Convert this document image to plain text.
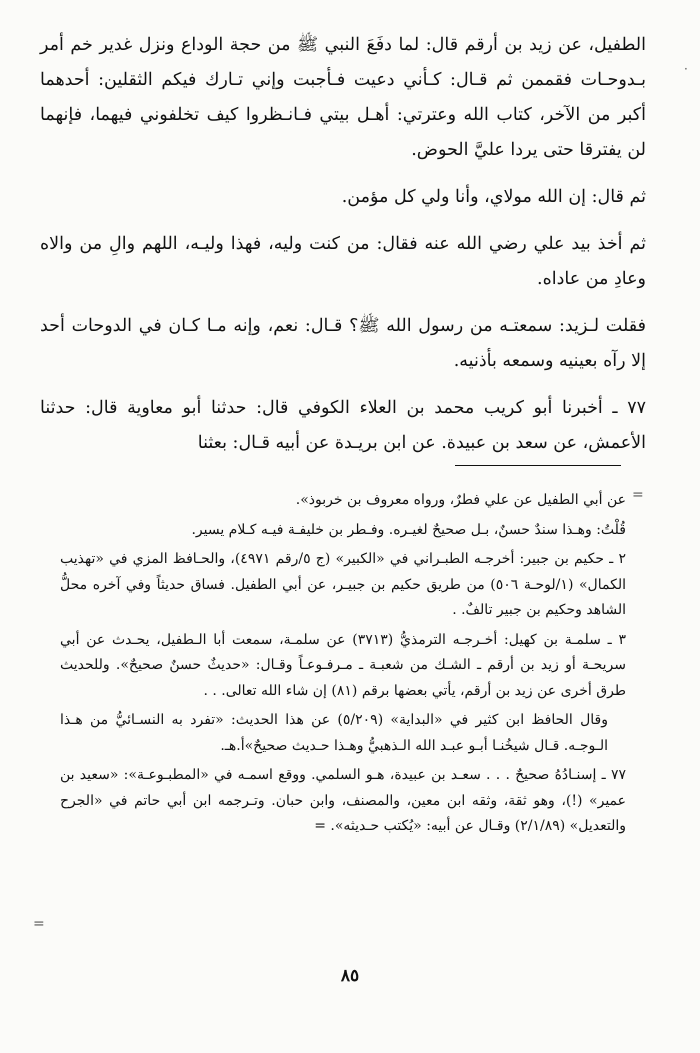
الطفيل، عن زيد بن أرقم قال: لما دفَعَ النبي ﷺ من حجة الوداع ونزل غدير خم أمر بـدوحـات فقممن ثم قـال: كـأني دعيت فـأجبت وإني تـارك فيكم الثقلين: أحدهما أكبر من الآخر، كتاب الله وعترتي: أهـل بيتي فـانـظروا كيف تخلفوني فيهما، فإنهما لن يفترقا حتى يردا عليَّ الحوض.

ثم قال: إن الله مولاي، وأنا ولي كل مؤمن.

ثم أخذ بيد علي رضي الله عنه فقال: من كنت وليه، فهذا وليـه، اللهم والِ من والاه وعادِ من عاداه.

فقلت لـزيد: سمعتـه من رسول الله ﷺ؟ قـال: نعم، وإنه مـا كـان في الدوحات أحد إلا رآه بعينيه وسمعه بأذنيه.

٧٧ ـ أخبرنا أبو كريب محمد بن العلاء الكوفي قال: حدثنا أبو معاوية قال: حدثنا الأعمش، عن سعد بن عبيدة. عن ابن بريـدة عن أبيه قـال: بعثنا

عن أبي الطفيل عن علي فطرٌ، ورواه معروف بن خربوذ».

قُلْتُ: وهـذا سندٌ حسنٌ، بـل صحيحٌ لغيـره. وفـطر بن خليفـة فيـه كـلام يسير.

٢ ـ حكيم بن جبير: أخرجـه الطبـراني في «الكبير» (ج ٥/رقم ٤٩٧١)، والحـافظ المزي في «تهذيب الكمال» (١/لوحـة ٥٠٦) من طريق حكيم بن جبيـر، عن أبي الطفيل. فساق حديثاً وفي آخره محلُّ الشاهد وحكيم بن جبير تالفٌ. .

٣ ـ سلمـة بن كهيل: أخـرجـه الترمذيُّ (٣٧١٣) عن سلمـة، سمعت أبا الـطفيل، يحـدث عن أبي سريحـة أو زيد بن أرقم ـ الشـك من شعبـة ـ مـرفـوعـاً وقـال: «حديثٌ حسنٌ صحيحٌ». وللحديث طرق أخرى عن زيد بن أرقم، يأتي بعضها برقم (٨١) إن شاء الله تعالى. . .

وقال الحافظ ابن كثير في «البداية» (٥/٢٠٩) عن هذا الحديث: «تفرد به النسـائيُّ من هـذا الـوجـه. قـال شيخُنـا أبـو عبـد الله الـذهبيُّ وهـذا حـديث صحيحٌ»أ.هـ.

٧٧ ـ إسنـادُهُ صحيحٌ . . . سعـد بن عبيدة، هـو السلمي. ووقع اسمـه في «المطبـوعـة»: «سعيد بن عمير» (!)، وهو ثقة، وثقه ابن معين، والمصنف، وابن حبان. وتـرجمه ابن أبي حاتم في «الجرح والتعديل» (٢/١/٨٩) وقـال عن أبيه: «يُكتب حـديثه». =

=
=
·
٨٥
